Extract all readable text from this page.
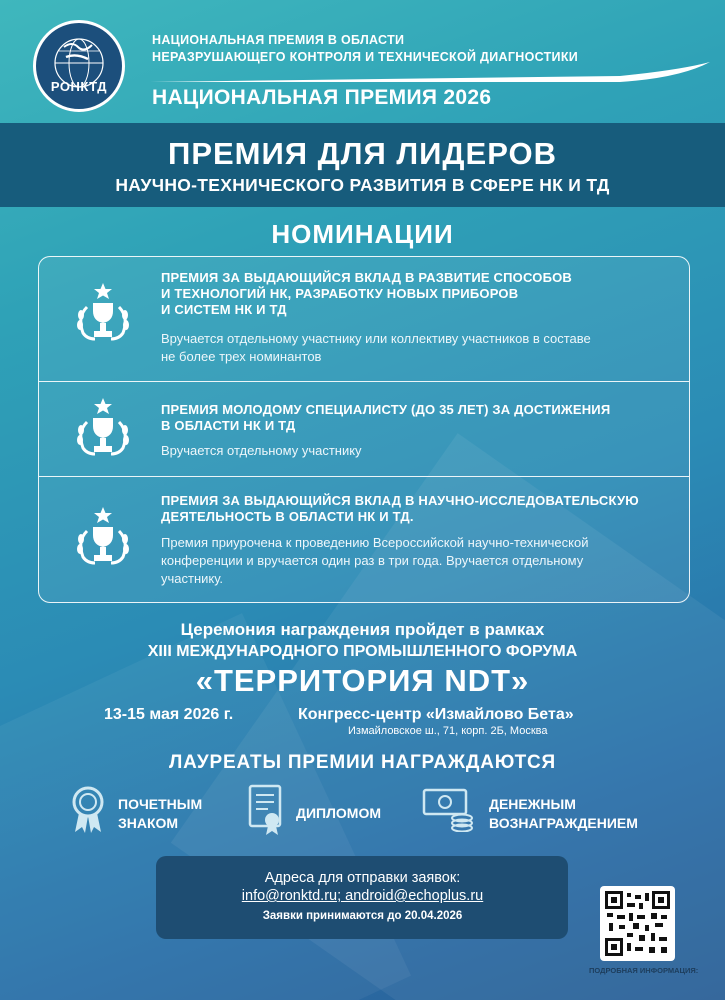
РОНКТД
НАЦИОНАЛЬНАЯ ПРЕМИЯ В ОБЛАСТИ
НЕРАЗРУШАЮЩЕГО КОНТРОЛЯ И ТЕХНИЧЕСКОЙ ДИАГНОСТИКИ
НАЦИОНАЛЬНАЯ ПРЕМИЯ 2026
ПРЕМИЯ ДЛЯ ЛИДЕРОВ
НАУЧНО-ТЕХНИЧЕСКОГО РАЗВИТИЯ В СФЕРЕ НК И ТД
НОМИНАЦИИ
ПРЕМИЯ ЗА ВЫДАЮЩИЙСЯ ВКЛАД В РАЗВИТИЕ СПОСОБОВ
И ТЕХНОЛОГИЙ НК, РАЗРАБОТКУ НОВЫХ ПРИБОРОВ
И СИСТЕМ НК И ТД
Вручается отдельному участнику или коллективу участников в составе
не более трех номинантов
ПРЕМИЯ МОЛОДОМУ СПЕЦИАЛИСТУ (ДО 35 ЛЕТ) ЗА ДОСТИЖЕНИЯ
В ОБЛАСТИ НК И ТД
Вручается отдельному участнику
ПРЕМИЯ ЗА ВЫДАЮЩИЙСЯ ВКЛАД В НАУЧНО-ИССЛЕДОВАТЕЛЬСКУЮ
ДЕЯТЕЛЬНОСТЬ В ОБЛАСТИ НК И ТД.
Премия приурочена к проведению Всероссийской научно-технической
конференции и вручается один раз в три года. Вручается отдельному
участнику.
Церемония награждения пройдет в рамках
XIII МЕЖДУНАРОДНОГО ПРОМЫШЛЕННОГО ФОРУМА
«ТЕРРИТОРИЯ NDT»
13-15 мая 2026 г.	Конгресс-центр «Измайлово Бета»
Измайловское ш., 71, корп. 2Б, Москва
ЛАУРЕАТЫ ПРЕМИИ НАГРАЖДАЮТСЯ
ПОЧЕТНЫМ
ЗНАКОМ
ДИПЛОМОМ
ДЕНЕЖНЫМ
ВОЗНАГРАЖДЕНИЕМ
Адреса для отправки заявок:
info@ronktd.ru; android@echoplus.ru
Заявки принимаются до 20.04.2026
ПОДРОБНАЯ ИНФОРМАЦИЯ:
